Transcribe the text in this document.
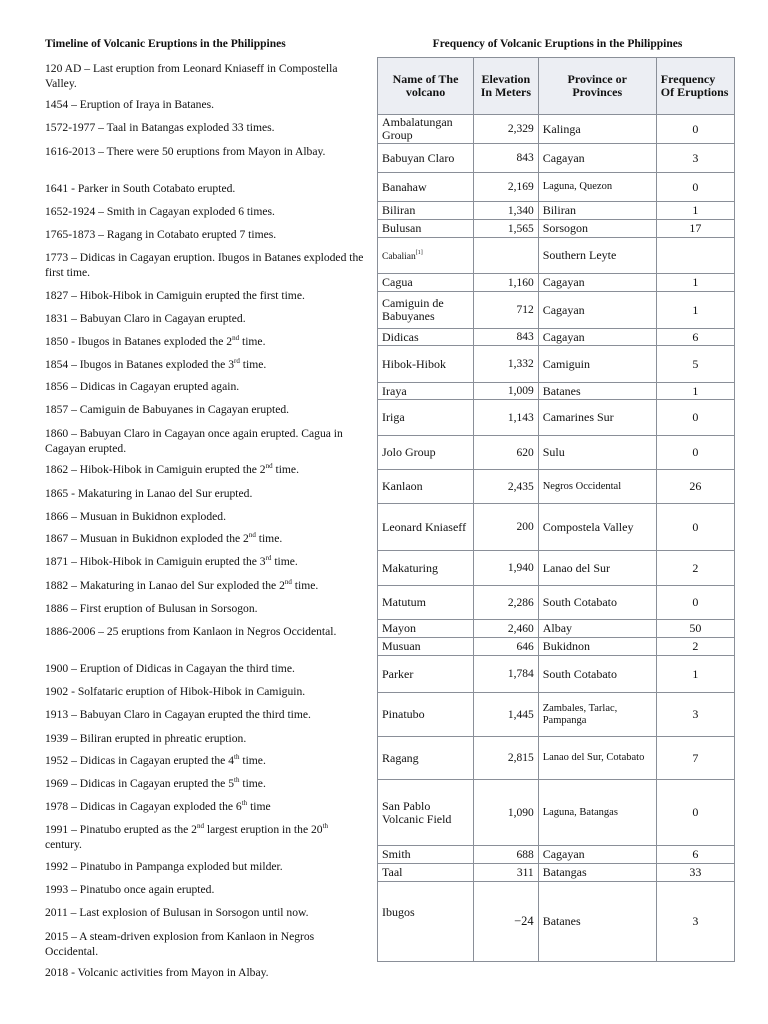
Timeline of Volcanic Eruptions in the Philippines

120 AD – Last eruption from Leonard Kniaseff in Compostella Valley.

1454 – Eruption of Iraya in Batanes.

1572-1977 – Taal in Batangas exploded 33 times.

1616-2013 – There were 50 eruptions from Mayon in Albay.

1641 - Parker in South Cotabato erupted.

1652-1924 – Smith in Cagayan exploded 6 times.

1765-1873 – Ragang in Cotabato erupted 7 times.

1773 – Didicas in Cagayan eruption. Ibugos in Batanes exploded the first time.

1827 – Hibok-Hibok in Camiguin erupted the first time.

1831 – Babuyan Claro in Cagayan erupted.

1850 - Ibugos in Batanes exploded the 2nd time.

1854 – Ibugos in Batanes exploded the 3rd time.

1856 – Didicas in Cagayan erupted again.

1857 – Camiguin de Babuyanes in Cagayan erupted.

1860 – Babuyan Claro in Cagayan once again erupted. Cagua in Cagayan erupted.

1862 – Hibok-Hibok in Camiguin erupted the 2nd time.

1865 - Makaturing in Lanao del Sur erupted.

1866 – Musuan in Bukidnon exploded.

1867 – Musuan in Bukidnon exploded the 2nd time.

1871 – Hibok-Hibok in Camiguin erupted the 3rd time.

1882 – Makaturing in Lanao del Sur exploded the 2nd time.

1886 – First eruption of Bulusan in Sorsogon.

1886-2006 – 25 eruptions from Kanlaon in Negros Occidental.

1900 – Eruption of Didicas in Cagayan the third time.

1902 - Solfataric eruption of Hibok-Hibok in Camiguin.

1913 – Babuyan Claro in Cagayan erupted the third time.

1939 – Biliran erupted in phreatic eruption.

1952 – Didicas in Cagayan erupted the 4th time.

1969 – Didicas in Cagayan erupted the 5th time.

1978 – Didicas in Cagayan exploded the 6th time

1991 – Pinatubo erupted as the 2nd largest eruption in the 20th century.

1992 – Pinatubo in Pampanga exploded but milder.

1993 – Pinatubo once again erupted.

2011 – Last explosion of Bulusan in Sorsogon until now.

2015 – A steam-driven explosion from Kanlaon in Negros Occidental.

2018 - Volcanic activities from Mayon in Albay.

Frequency of Volcanic Eruptions in the Philippines
Name of The volcano	Elevation In Meters	Province or Provinces	Frequency Of Eruptions
Ambalatungan Group	2,329	Kalinga	0
Babuyan Claro	843	Cagayan	3
Banahaw	2,169	Laguna, Quezon	0
Biliran	1,340	Biliran	1
Bulusan	1,565	Sorsogon	17
Cabalian[1]		Southern Leyte	
Cagua	1,160	Cagayan	1
Camiguin de Babuyanes	712	Cagayan	1
Didicas	843	Cagayan	6
Hibok-Hibok	1,332	Camiguin	5
Iraya	1,009	Batanes	1
Iriga	1,143	Camarines Sur	0
Jolo Group	620	Sulu	0
Kanlaon	2,435	Negros Occidental	26
Leonard Kniaseff	200	Compostela Valley	0
Makaturing	1,940	Lanao del Sur	2
Matutum	2,286	South Cotabato	0
Mayon	2,460	Albay	50
Musuan	646	Bukidnon	2
Parker	1,784	South Cotabato	1
Pinatubo	1,445	Zambales, Tarlac, Pampanga	3
Ragang	2,815	Lanao del Sur, Cotabato	7
San Pablo Volcanic Field	1,090	Laguna, Batangas	0
Smith	688	Cagayan	6
Taal	311	Batangas	33
Ibugos	−24	Batanes	3
